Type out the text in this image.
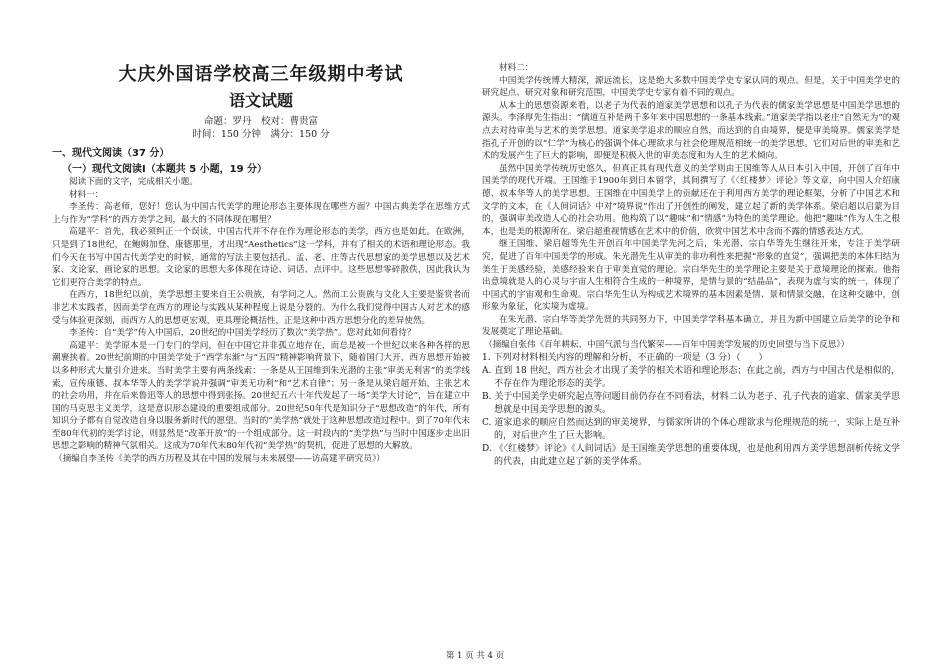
大庆外国语学校高三年级期中考试
语文试题

命题：罗丹　校对：曹贵富

时间：150 分钟　满分：150 分

一、现代文阅读（37 分）
（一）现代文阅读Ⅰ（本题共 5 小题，19 分）

阅读下面的文字，完成相关小题。

材料一：

李圣传：高老师，您好！您认为中国古代美学的理论形态主要体现在哪些方面？中国古典美学在思维方式上与作为“学科”的西方美学之间，最大的不同体现在哪里？

高建平：首先，我必须纠正一个误读，中国古代并不存在作为理论形态的美学，西方也是如此。在欧洲，只是到了18世纪，在鲍姆加登、康德那里，才出现“Aesthetics”这一学科，并有了相关的术语和理论形态。我们今天在书写中国古代美学史的时候，通常的写法主要包括孔、孟、老、庄等古代思想家的美学思想以及艺术家、文论家，画论家的思想。文论家的思想大多体现在诗论、词话、点评中。这些思想零碎散佚，因此我认为它们更符合美学的特点。

在西方，18世纪以前，美学思想主要来自王公贵族，有学问之人。然而工公贵族与文化人主要是鉴赏者而非艺术实践者，因而美学在西方的理论与实践从某种程度上说是分裂的。为什么我们觉得中国古人对艺术的感受与体验更深刻，而西方人的思想更宏观，更具理论概括性，正是这种中西方思想分化的差异使然。

李圣传：自“美学”传入中国后，20世纪的中国美学经历了数次“美学热”。您对此如何看待？

高建平：美学原本是一门专门的学问，但在中国它并非孤立地存在，而总是被一个世纪以来各种各样的思潮裹挟着。20世纪前期的中国美学处于“西学东渐”与“五四”精神影响背景下，随着国门大开，西方思想开始被以多种形式大量引介进来。当时美学主要有两条线索：一条是从王国维到朱光潜的主张“审美无利害”的美学线索，宣传康德、叔本华等人的美学学说并强调“审美无功利”和“艺术自律”；另一条是从梁启超开始，主张艺术的社会功用，并在后来鲁迅等人的思想中得到张扬。20世纪五六十年代发起了一场“美学大讨论”，旨在建立中国的马克思主义美学，这是意识形态建设的重要组成部分。20世纪50年代是知识分子“思想改造”的年代，所有知识分子都有自觉改造自身以服务新时代的愿望。当时的“美学热”就处于这种思想改造过程中。到了70年代末至80年代初的美学讨论，则显然是“改革开放”的一个组成部分。这一时段内的“美学热”与当时中国逐步走出旧思想之影响的精神气氛相关。这成为70年代末80年代初“美学热”的契机，促进了思想的大解放。

（摘编自李圣传《美学的西方历程及其在中国的发展与未来展望——访高建平研究员》）

材料二：

中国美学传统博大精深，源远流长，这是绝大多数中国美学史专家认同的观点。但是，关于中国美学史的研究起点、研究对象和研究范围，中国美学史专家有着不同的观点。

从本土的思想资源来看，以老子为代表的道家美学思想和以孔子为代表的儒家美学思想是中国美学思想的源头。李泽厚先生指出：“儒道互补是两千多年来中国思想的一条基本线索。”道家美学指以老庄“自然无为”的观点去对待审美与艺术的美学思想。道家美学追求的顺应自然，而达到的自由境界，便是审美境界。儒家美学是指孔子开创的以“仁学”为核心的强调个体心理欲求与社会伦理规范相统一的美学思想。它们对后世的审美和艺术的发展产生了巨大的影响，即便是积极入世的审美态度和为人生的艺术倾向。

虽然中国美学传统历史悠久，但真正具有现代意义的美学则由王国维等人从日本引入中国，开创了百年中国美学的现代开端。王国维于1900年到日本留学，其间撰写了《〈红楼梦〉评论》等文章，向中国人介绍康德、叔本华等人的美学思想。王国维在中国美学上的贡献还在于利用西方美学的理论框架，分析了中国艺术和文学的文本，在《人间词话》中对“境界说”作出了开创性的阐发，建立起了新的美学体系。梁启超以启蒙为目的，强调审美改造人心的社会功用。他构筑了以“趣味”和“情感”为特色的美学理论。他把“趣味”作为人生之根本，也是美的根源所在。梁启超重视情感在艺术中的价值，欣赏中国艺术中含而不露的情感表达方式。

继王国维、梁启超等先生开创百年中国美学先河之后，朱光潜、宗白华等先生继往开来，专注于美学研究，促进了百年中国美学的形成。朱光潜先生从审美的非功利性来把握“形象的直觉”，强调把美的本体归结为美生于美感经验，美感经验来自于审美直觉的理论。宗白华先生的美学理论主要是关于意境理论的探索。他指出意境就是人的心灵与宇宙人生相符合生成的一种境界，是情与景的“结晶品”，表现为虚与实的统一，体现了中国式的宇宙观和生命观。宗白华先生认为构成艺术境界的基本因素是情、景和情景交融，在这种交融中，创形象为象征，化实境为虚境。

在朱光潜、宗白华等美学先贤的共同努力下，中国美学学科基本确立，并且为新中国建立后美学的论争和发展奠定了理论基础。

（摘编自张伟《百年耕耘、中国气派与当代繁荣——百年中国美学发展的历史回望与当下反思》）

1. 下列对材料相关内容的理解和分析，不正确的一项是（3 分）（　　）

A. 直到 18 世纪，西方社会才出现了美学的相关术语和理论形态；在此之前，西方与中国古代是相似的，不存在作为理论形态的美学。

B. 关于中国美学史研究起点等问题目前仍存在不同看法，材料二认为老子、孔子代表的道家、儒家美学思想就是中国美学思想的源头。

C. 道家追求的顺应自然而达到的审美境界，与儒家所讲的个体心理欲求与伦理规范的统一，实际上是互补的，对后世产生了巨大影响。

D. 《〈红楼梦〉评论》《人间词话》是王国维美学思想的重要体现，也是他利用西方美学思想剖析传统文学的代表，由此建立起了新的美学体系。

第 1 页 共 4 页
